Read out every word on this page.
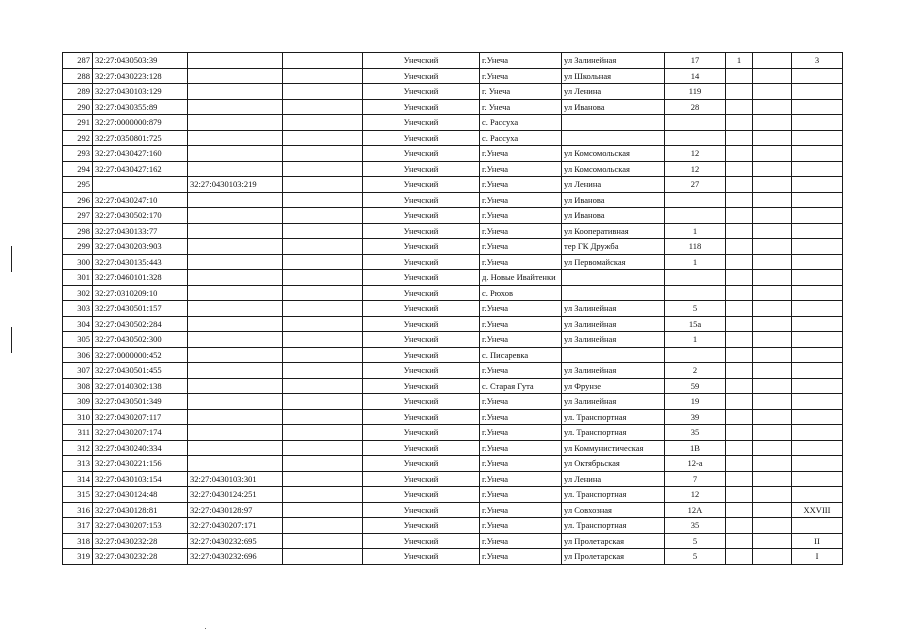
287	32:27:0430503:39			Унечский	г.Унеча	ул Залинейная	17	1		3
288	32:27:0430223:128			Унечский	г.Унеча	ул Школьная	14			
289	32:27:0430103:129			Унечский	г. Унеча	ул Ленина	119			
290	32:27:0430355:89			Унечский	г. Унеча	ул Иванова	28			
291	32:27:0000000:879			Унечский	с. Рассуха					
292	32:27:0350801:725			Унечский	с. Рассуха					
293	32:27:0430427:160			Унечский	г.Унеча	ул Комсомольская	12			
294	32:27:0430427:162			Унечский	г.Унеча	ул Комсомольская	12			
295		32:27:0430103:219		Унечский	г.Унеча	ул Ленина	27			
296	32:27:0430247:10			Унечский	г.Унеча	ул Иванова				
297	32:27:0430502:170			Унечский	г.Унеча	ул Иванова				
298	32:27:0430133:77			Унечский	г.Унеча	ул Кооперативная	1			
299	32:27:0430203:903			Унечский	г.Унеча	тер ГК Дружба	118			
300	32:27:0430135:443			Унечский	г.Унеча	ул Первомайская	1			
301	32:27:0460101:328			Унечский	д. Новые Ивайтенки					
302	32:27:0310209:10			Унечский	с. Рюхов					
303	32:27:0430501:157			Унечский	г.Унеча	ул Залинейная	5			
304	32:27:0430502:284			Унечский	г.Унеча	ул Залинейная	15а			
305	32:27:0430502:300			Унечский	г.Унеча	ул Залинейная	1			
306	32:27:0000000:452			Унечский	с. Писаревка					
307	32:27:0430501:455			Унечский	г.Унеча	ул Залинейная	2			
308	32:27:0140302:138			Унечский	с. Старая Гута	ул Фрунзе	59			
309	32:27:0430501:349			Унечский	г.Унеча	ул Залинейная	19			
310	32:27:0430207:117			Унечский	г.Унеча	ул. Транспортная	39			
311	32:27:0430207:174			Унечский	г.Унеча	ул. Транспортная	35			
312	32:27:0430240:334			Унечский	г.Унеча	ул Коммунистическая	1В			
313	32:27:0430221:156			Унечский	г.Унеча	ул Октябрьская	12-а			
314	32:27:0430103:154	32:27:0430103:301		Унечский	г.Унеча	ул Ленина	7			
315	32:27:0430124:48	32:27:0430124:251		Унечский	г.Унеча	ул. Транспортная	12			
316	32:27:0430128:81	32:27:0430128:97		Унечский	г.Унеча	ул Совхозная	12А			XXVIII
317	32:27:0430207:153	32:27:0430207:171		Унечский	г.Унеча	ул. Транспортная	35			
318	32:27:0430232:28	32:27:0430232:695		Унечский	г.Унеча	ул Пролетарская	5			II
319	32:27:0430232:28	32:27:0430232:696		Унечский	г.Унеча	ул Пролетарская	5			I
